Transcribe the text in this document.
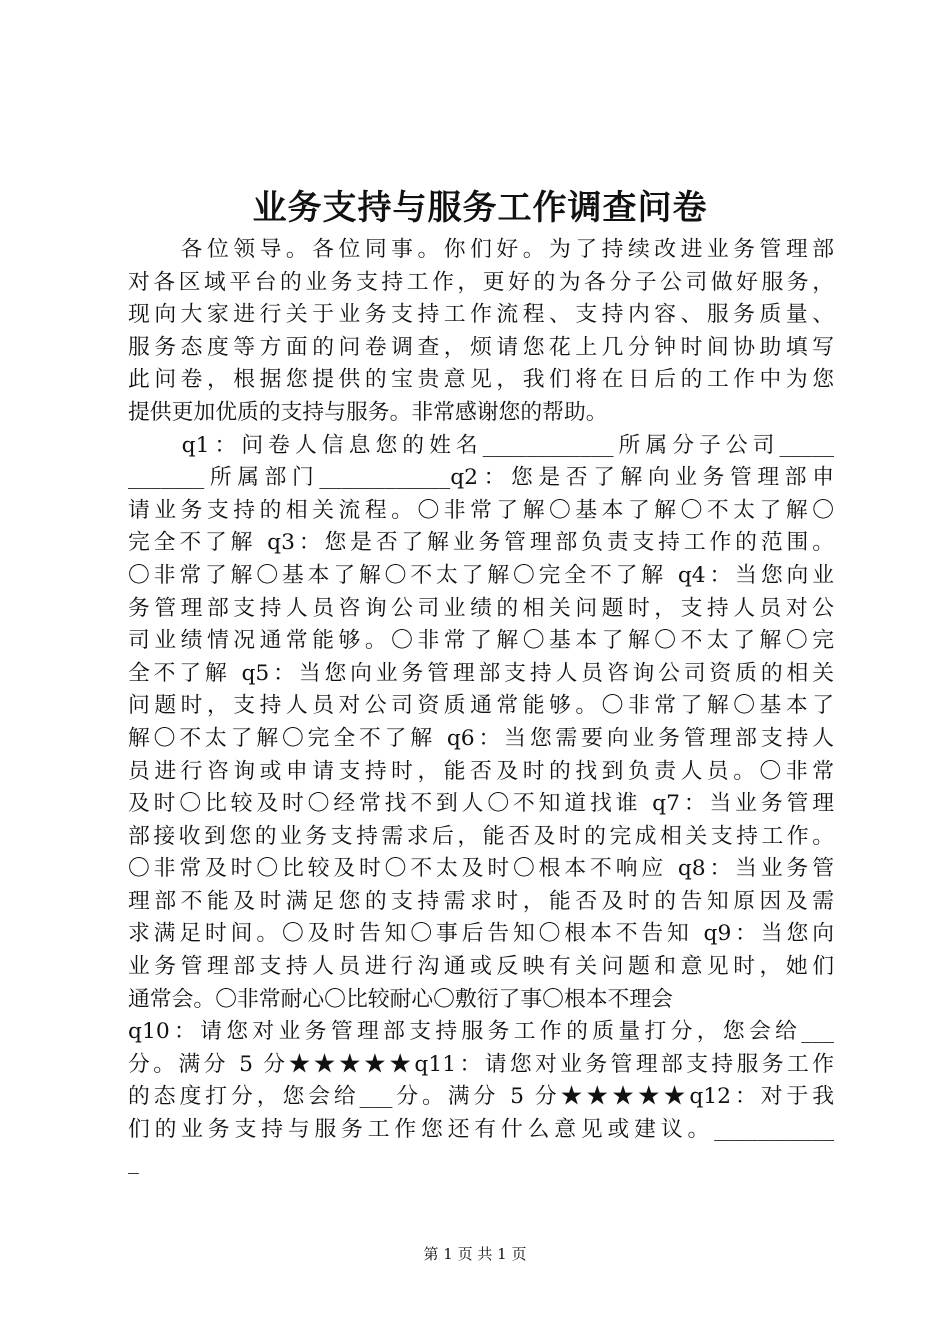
业务支持与服务工作调查问卷
　　各位领导。各位同事。你们好。为了持续改进业务管理部
对各区域平台的业务支持工作，更好的为各分子公司做好服务，
现向大家进行关于业务支持工作流程、支持内容、服务质量、
服务态度等方面的问卷调查，烦请您花上几分钟时间协助填写
此问卷，根据您提供的宝贵意见，我们将在日后的工作中为您
提供更加优质的支持与服务。非常感谢您的帮助。
　　q1：问卷人信息您的姓名____________所属分子公司_____
_______所属部门____________q2：您是否了解向业务管理部申
请业务支持的相关流程。〇非常了解〇基本了解〇不太了解〇
完全不了解 q3：您是否了解业务管理部负责支持工作的范围。
〇非常了解〇基本了解〇不太了解〇完全不了解 q4：当您向业
务管理部支持人员咨询公司业绩的相关问题时，支持人员对公
司业绩情况通常能够。〇非常了解〇基本了解〇不太了解〇完
全不了解 q5：当您向业务管理部支持人员咨询公司资质的相关
问题时，支持人员对公司资质通常能够。〇非常了解〇基本了
解〇不太了解〇完全不了解 q6：当您需要向业务管理部支持人
员进行咨询或申请支持时，能否及时的找到负责人员。〇非常
及时〇比较及时〇经常找不到人〇不知道找谁 q7：当业务管理
部接收到您的业务支持需求后，能否及时的完成相关支持工作。
〇非常及时〇比较及时〇不太及时〇根本不响应 q8：当业务管
理部不能及时满足您的支持需求时，能否及时的告知原因及需
求满足时间。〇及时告知〇事后告知〇根本不告知 q9：当您向
业务管理部支持人员进行沟通或反映有关问题和意见时，她们
通常会。〇非常耐心〇比较耐心〇敷衍了事〇根本不理会
q10：请您对业务管理部支持服务工作的质量打分，您会给___
分。满分 5 分★★★★★q11：请您对业务管理部支持服务工作
的态度打分，您会给___分。满分 5 分★★★★★q12：对于我
们的业务支持与服务工作您还有什么意见或建议。___________
_

第 1 页 共 1 页
